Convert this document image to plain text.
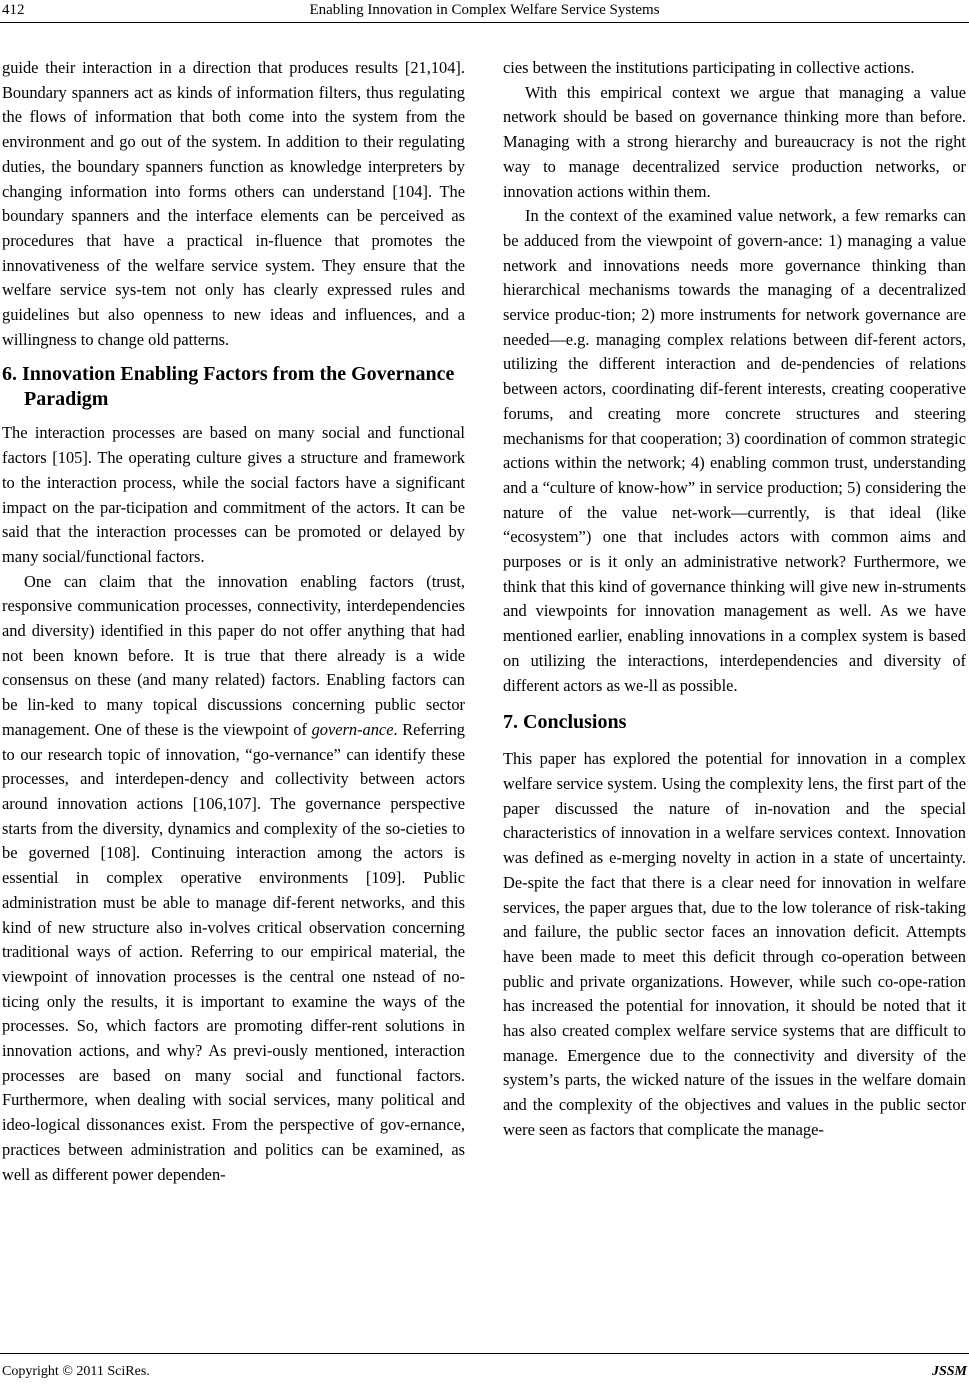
412	Enabling Innovation in Complex Welfare Service Systems

guide their interaction in a direction that produces results [21,104]. Boundary spanners act as kinds of information filters, thus regulating the flows of information that both come into the system from the environment and go out of the system. In addition to their regulating duties, the boundary spanners function as knowledge interpreters by changing information into forms others can understand [104]. The boundary spanners and the interface elements can be perceived as procedures that have a practical in-fluence that promotes the innovativeness of the welfare service system. They ensure that the welfare service sys-tem not only has clearly expressed rules and guidelines but also openness to new ideas and influences, and a willingness to change old patterns.

6. Innovation Enabling Factors from the Governance Paradigm

The interaction processes are based on many social and functional factors [105]. The operating culture gives a structure and framework to the interaction process, while the social factors have a significant impact on the par-ticipation and commitment of the actors. It can be said that the interaction processes can be promoted or delayed by many social/functional factors.

One can claim that the innovation enabling factors (trust, responsive communication processes, connectivity, interdependencies and diversity) identified in this paper do not offer anything that had not been known before. It is true that there already is a wide consensus on these (and many related) factors. Enabling factors can be lin-ked to many topical discussions concerning public sector management. One of these is the viewpoint of govern-ance. Referring to our research topic of innovation, “go-vernance” can identify these processes, and interdepen-dency and collectivity between actors around innovation actions [106,107]. The governance perspective starts from the diversity, dynamics and complexity of the so-cieties to be governed [108]. Continuing interaction among the actors is essential in complex operative environments [109]. Public administration must be able to manage dif-ferent networks, and this kind of new structure also in-volves critical observation concerning traditional ways of action. Referring to our empirical material, the viewpoint of innovation processes is the central one nstead of no-ticing only the results, it is important to examine the ways of the processes. So, which factors are promoting differ-rent solutions in innovation actions, and why? As previ-ously mentioned, interaction processes are based on many social and functional factors. Furthermore, when dealing with social services, many political and ideo-logical dissonances exist. From the perspective of gov-ernance, practices between administration and politics can be examined, as well as different power dependen-

cies between the institutions participating in collective actions.

With this empirical context we argue that managing a value network should be based on governance thinking more than before. Managing with a strong hierarchy and bureaucracy is not the right way to manage decentralized service production networks, or innovation actions within them.

In the context of the examined value network, a few remarks can be adduced from the viewpoint of govern-ance: 1) managing a value network and innovations needs more governance thinking than hierarchical mechanisms towards the managing of a decentralized service produc-tion; 2) more instruments for network governance are needed—e.g. managing complex relations between dif-ferent actors, utilizing the different interaction and de-pendencies of relations between actors, coordinating dif-ferent interests, creating cooperative forums, and creating more concrete structures and steering mechanisms for that cooperation; 3) coordination of common strategic actions within the network; 4) enabling common trust, understanding and a “culture of know-how” in service production; 5) considering the nature of the value net-work—currently, is that ideal (like “ecosystem”) one that includes actors with common aims and purposes or is it only an administrative network? Furthermore, we think that this kind of governance thinking will give new in-struments and viewpoints for innovation management as well. As we have mentioned earlier, enabling innovations in a complex system is based on utilizing the interactions, interdependencies and diversity of different actors as we-ll as possible.

7. Conclusions

This paper has explored the potential for innovation in a complex welfare service system. Using the complexity lens, the first part of the paper discussed the nature of in-novation and the special characteristics of innovation in a welfare services context. Innovation was defined as e-merging novelty in action in a state of uncertainty. De-spite the fact that there is a clear need for innovation in welfare services, the paper argues that, due to the low tolerance of risk-taking and failure, the public sector faces an innovation deficit. Attempts have been made to meet this deficit through co-operation between public and private organizations. However, while such co-ope-ration has increased the potential for innovation, it should be noted that it has also created complex welfare service systems that are difficult to manage. Emergence due to the connectivity and diversity of the system’s parts, the wicked nature of the issues in the welfare domain and the complexity of the objectives and values in the public sector were seen as factors that complicate the manage-

Copyright © 2011 SciRes.	JSSM
